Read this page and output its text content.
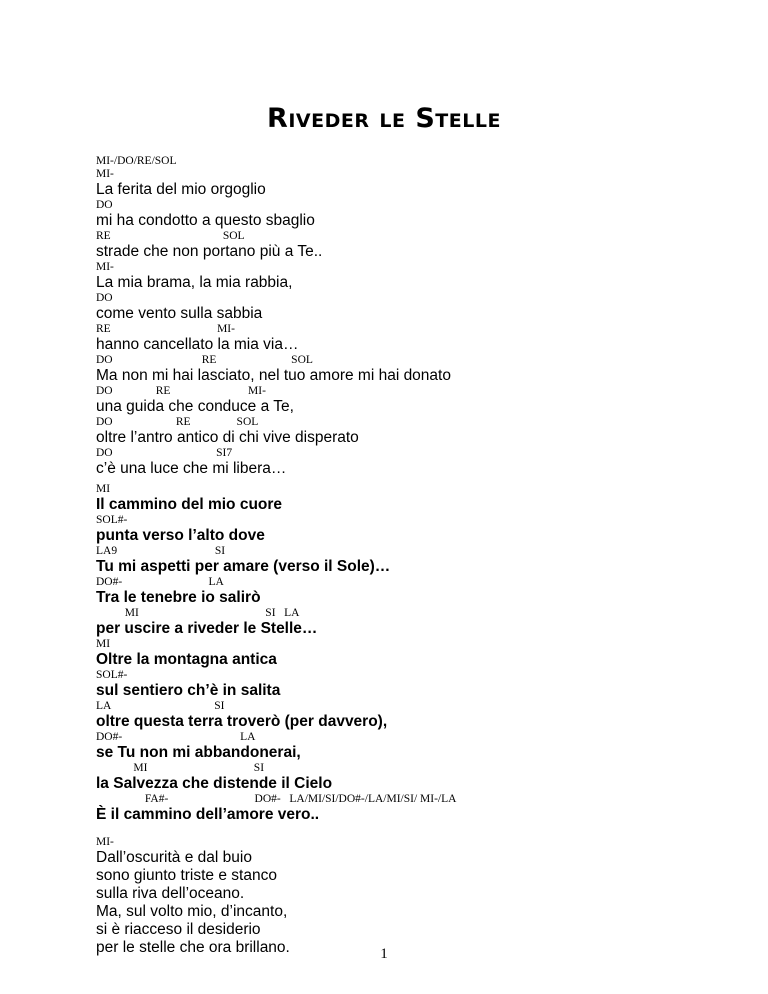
Riveder le Stelle
MI-/DO/RE/SOL
MI-
La ferita del mio orgoglio
DO
mi ha condotto a questo sbaglio
RE                                       SOL
strade che non portano più a Te..
MI-
La mia brama, la mia rabbia,
DO
come vento sulla sabbia
RE                                     MI-
hanno cancellato la mia via…
DO                               RE                          SOL
Ma non mi hai lasciato, nel tuo amore mi hai donato
DO               RE                           MI-
una guida che conduce a Te,
DO                      RE                SOL
oltre l’antro antico di chi vive disperato
DO                                    SI7
c’è una luce che mi libera…
MI
Il cammino del mio cuore
SOL#-
punta verso l’alto dove
LA9                                  SI
Tu mi aspetti per amare (verso il Sole)…
DO#-                              LA
Tra le tenebre io salirò
MI                                            SI   LA
per uscire a riveder le Stelle…
MI
Oltre la montagna antica
SOL#-
sul sentiero ch’è in salita
LA                                    SI
oltre questa terra troverò (per davvero),
DO#-                                         LA
se Tu non mi abbandonerai,
MI                                     SI
la Salvezza che distende il Cielo
FA#-                              DO#-   LA/MI/SI/DO#-/LA/MI/SI/ MI-/LA
È il cammino dell’amore vero..
MI-
Dall’oscurità e dal buio
sono giunto triste e stanco
sulla riva dell’oceano.
Ma, sul volto mio, d’incanto,
si è riacceso il desiderio
per le stelle che ora brillano.	1
